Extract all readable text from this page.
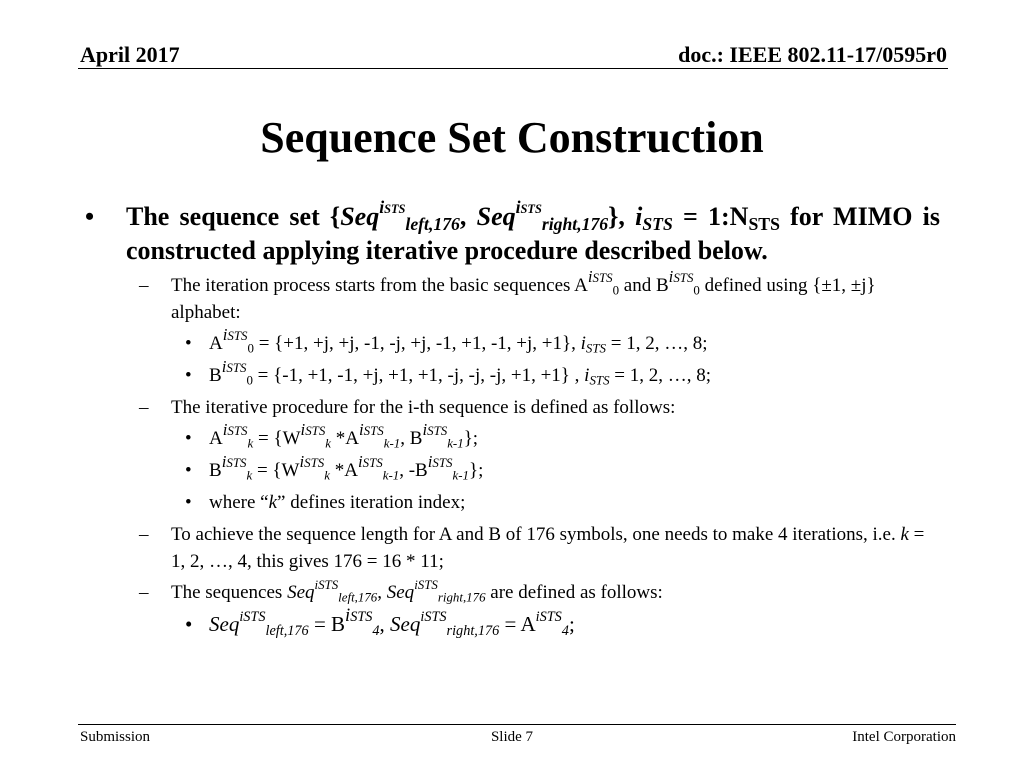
April 2017	doc.: IEEE 802.11-17/0595r0
Sequence Set Construction
• The sequence set {Seq$^{iSTS}_{left,176}$, Seq$^{iSTS}_{right,176}$}, $i_{STS}$ = $1:N_{STS}$ for MIMO is constructed applying iterative procedure described below.
– The iteration process starts from the basic sequences $A^{iSTS}_0$ and $B^{iSTS}_0$ defined using {±1, ±j} alphabet:
• $A^{iSTS}_0 = \{+1$, +j, +j, -1, -j, +j, -1, +1, -1, +j, +1}, $i_{STS} = 1$, 2, …, 8;
• $B^{iSTS}_0 = \{-1$, +1, -1, +j, +1, +1, -j, -j, -j, +1, +1} , $i_{STS} = 1$, 2, …, 8;
– The iterative procedure for the i-th sequence is defined as follows:
• $A^{iSTS}_k = \{W^{iSTS}_k$ $*A^{iSTS}_{k-1}$, $B^{iSTS}_{k-1}$};
• $B^{iSTS}_k = \{W^{iSTS}_k$ $*A^{iSTS}_{k-1}$, $-B^{iSTS}_{k-1}$};
• where “k” defines iteration index;
– To achieve the sequence length for A and B of 176 symbols, one needs to make 4 iterations, i.e. k = 1, 2, …, 4, this gives 176 = 16 * 11;
– The sequences Seq$^{iSTS}_{left,176}$, Seq$^{iSTS}_{right,176}$ are defined as follows:
• $Seq^{iSTS}_{left,176} = B^{iSTS}_4$, $Seq^{iSTS}_{right,176} = A^{iSTS}_4$;
Submission	Slide 7	Intel Corporation
